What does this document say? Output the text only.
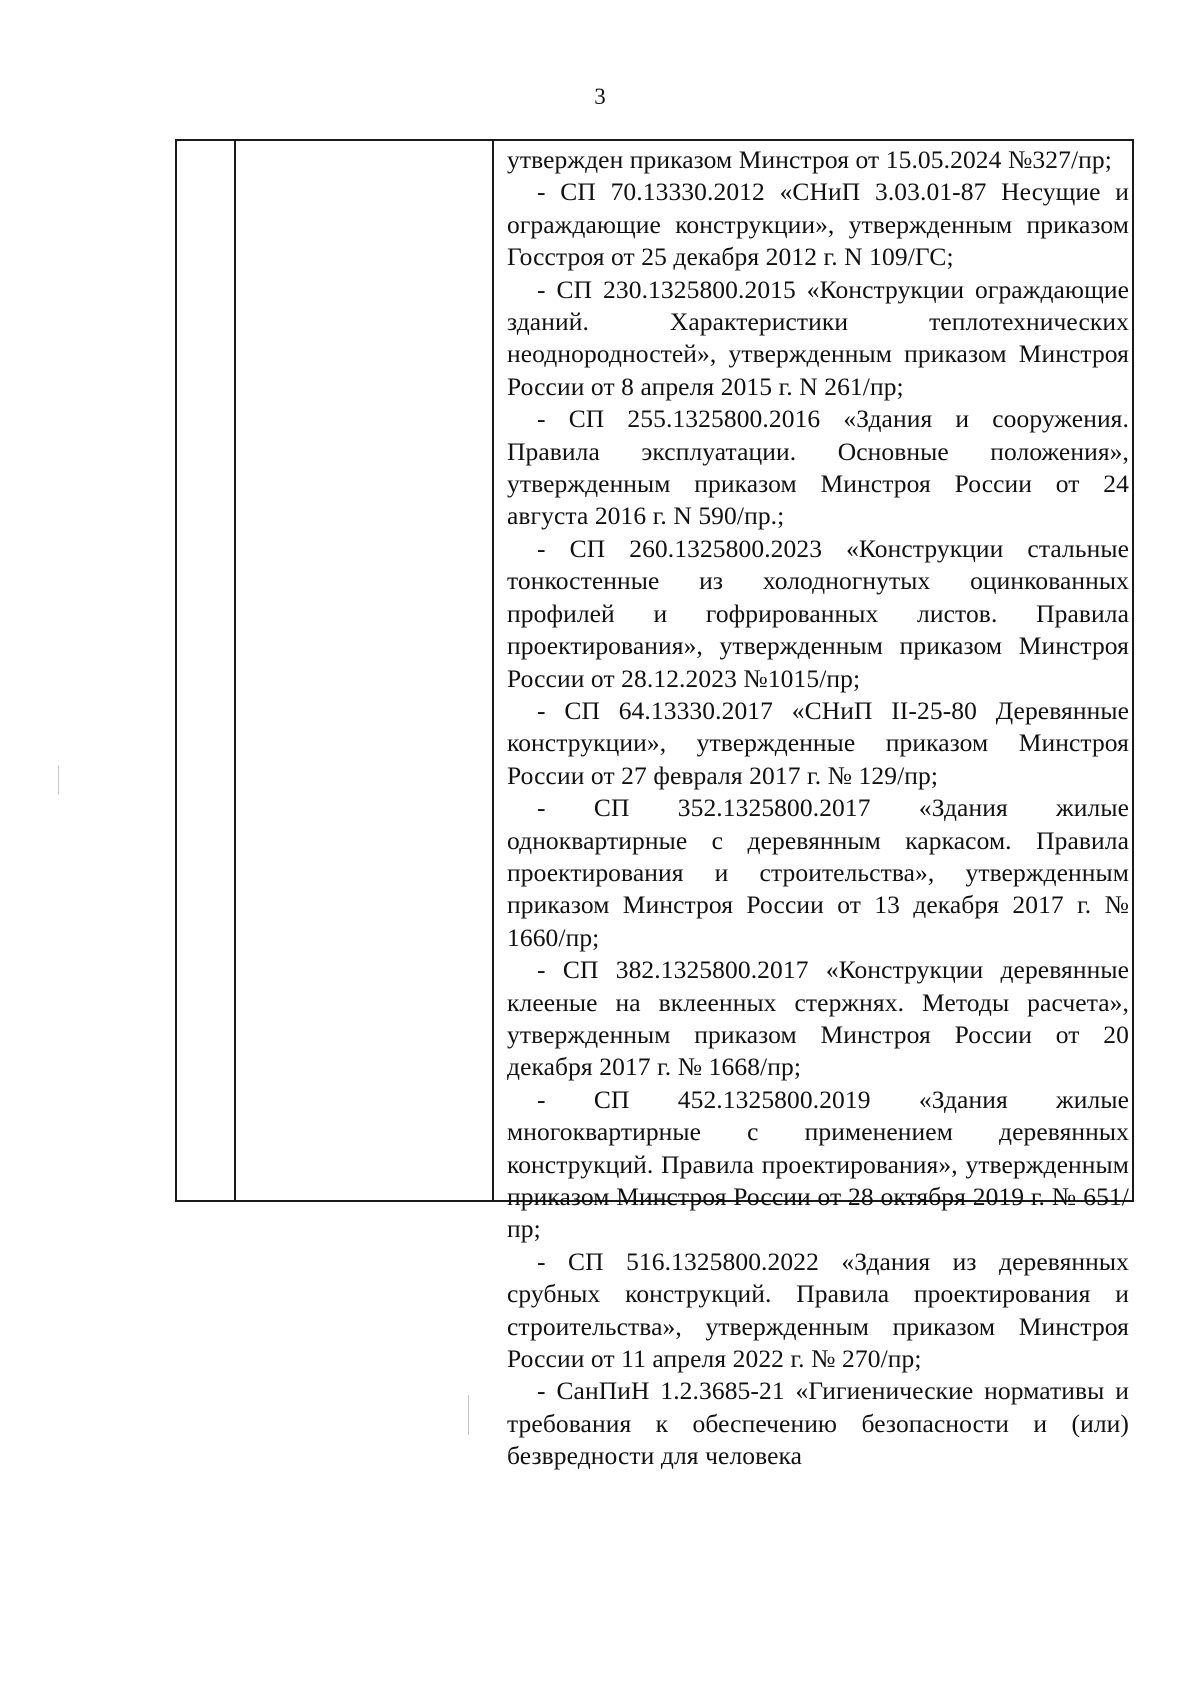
3

утвержден приказом Минстроя от 15.05.2024 №327/пр;

- СП 70.13330.2012 «СНиП 3.03.01-87 Несущие и ограждающие конструкции», утвержденным приказом Госстроя от 25 декабря 2012 г. N 109/ГС;

- СП 230.1325800.2015 «Конструкции ограждающие зданий. Характеристики теплотехнических неоднородностей», утвержденным приказом Минстроя России от 8 апреля 2015 г. N 261/пр;

- СП 255.1325800.2016 «Здания и сооружения. Правила эксплуатации. Основные положения», утвержденным приказом Минстроя России от 24 августа 2016 г. N 590/пр.;

- СП 260.1325800.2023 «Конструкции стальные тонкостенные из холодногнутых оцинкованных профилей и гофрированных листов. Правила проектирования», утвержденным приказом Минстроя России от 28.12.2023 №1015/пр;

- СП 64.13330.2017 «СНиП II-25-80 Деревянные конструкции», утвержденные приказом Минстроя России от 27 февраля 2017 г. № 129/пр;

- СП 352.1325800.2017 «Здания жилые одноквартирные с деревянным каркасом. Правила проектирования и строительства», утвержденным приказом Минстроя России от 13 декабря 2017 г. № 1660/пр;

- СП 382.1325800.2017 «Конструкции деревянные клееные на вклеенных стержнях. Методы расчета», утвержденным приказом Минстроя России от 20 декабря 2017 г. № 1668/пр;

- СП 452.1325800.2019 «Здания жилые многоквартирные с применением деревянных конструкций. Правила проектирования», утвержденным приказом Минстроя России от 28 октября 2019 г. № 651/пр;

- СП 516.1325800.2022 «Здания из деревянных срубных конструкций. Правила проектирования и строительства», утвержденным приказом Минстроя России от 11 апреля 2022 г. № 270/пр;

- СанПиН 1.2.3685-21 «Гигиенические нормативы и требования к обеспечению безопасности и (или) безвредности для человека
